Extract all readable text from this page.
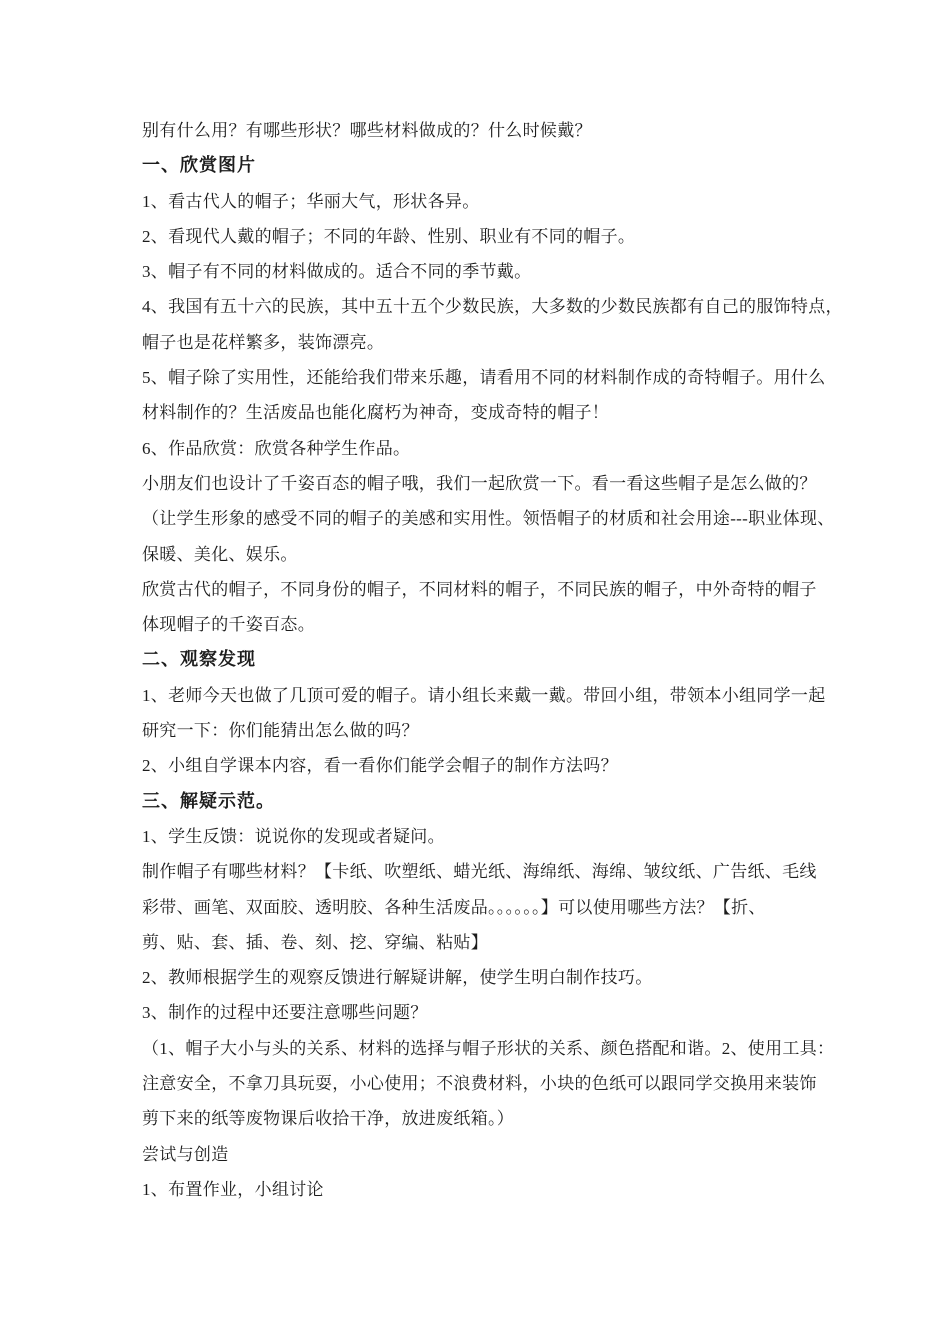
别有什么用？有哪些形状？哪些材料做成的？什么时候戴？
一、欣赏图片
1、看古代人的帽子；华丽大气，形状各异。
2、看现代人戴的帽子；不同的年龄、性别、职业有不同的帽子。
3、帽子有不同的材料做成的。适合不同的季节戴。
4、我国有五十六的民族，其中五十五个少数民族，大多数的少数民族都有自己的服饰特点，
帽子也是花样繁多，装饰漂亮。
5、帽子除了实用性，还能给我们带来乐趣，请看用不同的材料制作成的奇特帽子。用什么
材料制作的？生活废品也能化腐朽为神奇，变成奇特的帽子！
6、作品欣赏：欣赏各种学生作品。
小朋友们也设计了千姿百态的帽子哦，我们一起欣赏一下。看一看这些帽子是怎么做的？
（让学生形象的感受不同的帽子的美感和实用性。领悟帽子的材质和社会用途---职业体现、
保暖、美化、娱乐。
欣赏古代的帽子，不同身份的帽子，不同材料的帽子，不同民族的帽子，中外奇特的帽子
体现帽子的千姿百态。
二、观察发现
1、老师今天也做了几顶可爱的帽子。请小组长来戴一戴。带回小组，带领本小组同学一起
研究一下：你们能猜出怎么做的吗？
2、小组自学课本内容，看一看你们能学会帽子的制作方法吗？
三、解疑示范。
1、学生反馈：说说你的发现或者疑问。
制作帽子有哪些材料？【卡纸、吹塑纸、蜡光纸、海绵纸、海绵、皱纹纸、广告纸、毛线
彩带、画笔、双面胶、透明胶、各种生活废品。。。。。。】可以使用哪些方法？【折、
剪、贴、套、插、卷、刻、挖、穿编、粘贴】
2、教师根据学生的观察反馈进行解疑讲解，使学生明白制作技巧。
3、制作的过程中还要注意哪些问题？
（1、帽子大小与头的关系、材料的选择与帽子形状的关系、颜色搭配和谐。2、使用工具：
注意安全，不拿刀具玩耍，小心使用；不浪费材料，小块的色纸可以跟同学交换用来装饰
剪下来的纸等废物课后收拾干净，放进废纸箱。）
尝试与创造
1、布置作业，小组讨论
